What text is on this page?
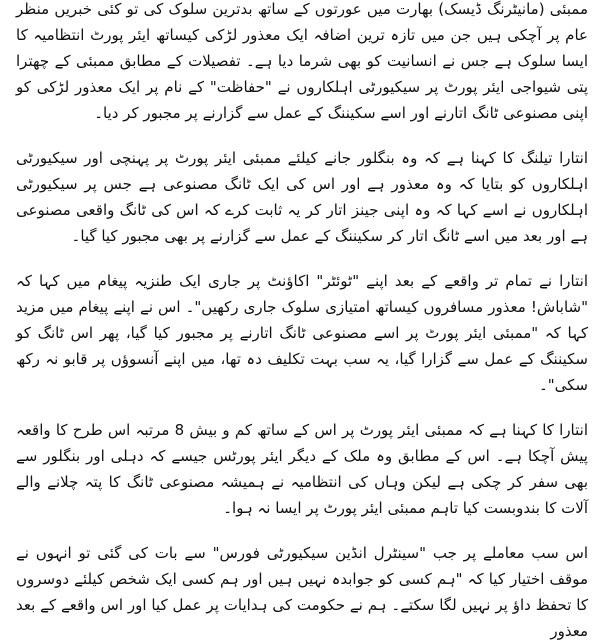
ممبئی (مانیٹرنگ ڈیسک) بھارت میں عورتوں کے ساتھ بدترین سلوک کی تو کئی خبریں منظر عام پر آچکی ہیں جن میں تازہ ترین اضافہ ایک معذور لڑکی کیساتھ ایئر پورٹ انتظامیہ کا ایسا سلوک ہے جس نے انسانیت کو بھی شرما دیا ہے۔ تفصیلات کے مطابق ممبئی کے چھترا پتی شیواجی ایئر پورٹ پر سیکیورٹی اہلکاروں نے "حفاظت" کے نام پر ایک معذور لڑکی کو اپنی مصنوعی ٹانگ اتارنے اور اسے سکیننگ کے عمل سے گزارنے پر مجبور کر دیا۔

انتارا تیلنگ کا کہنا ہے کہ وہ بنگلور جانے کیلئے ممبئی ایئر پورٹ پر پہنچی اور سیکیورٹی اہلکاروں کو بتایا کہ وہ معذور ہے اور اس کی ایک ٹانگ مصنوعی ہے جس پر سیکیورٹی اہلکاروں نے اسے کہا کہ وہ اپنی جینز اتار کر یہ ثابت کرے کہ اس کی ٹانگ واقعی مصنوعی ہے اور بعد میں اسے ٹانگ اتار کر سکیننگ کے عمل سے گزارنے پر بھی مجبور کیا گیا۔

انتارا نے تمام تر واقعے کے بعد اپنے "ٹوئٹر" اکاؤنٹ پر جاری ایک طنزیہ پیغام میں کہا کہ "شاباش! معذور مسافروں کیساتھ امتیازی سلوک جاری رکھیں"۔ اس نے اپنے پیغام میں مزید کہا کہ "ممبئی ایئر پورٹ پر اسے مصنوعی ٹانگ اتارنے پر مجبور کیا گیا، پھر اس ٹانگ کو سکیننگ کے عمل سے گزارا گیا، یہ سب بہت تکلیف دہ تھا، میں اپنے آنسوؤں پر قابو نہ رکھ سکی"۔

انتارا کا کہنا ہے کہ ممبئی ایئر پورٹ پر اس کے ساتھ کم و بیش 8 مرتبہ اس طرح کا واقعہ پیش آچکا ہے۔ اس کے مطابق وہ ملک کے دیگر ایئر پورٹس جیسے کہ دہلی اور بنگلور سے بھی سفر کر چکی ہے لیکن وہاں کی انتظامیہ نے ہمیشہ مصنوعی ٹانگ کا پتہ چلانے والے آلات کا بندوبست کیا تاہم ممبئی ایئر پورٹ پر ایسا نہ ہوا۔

اس سب معاملے پر جب "سینٹرل انڈین سیکیورٹی فورس" سے بات کی گئی تو انہوں نے موقف اختیار کیا کہ "ہم کسی کو جوابدہ نہیں ہیں اور ہم کسی ایک شخص کیلئے دوسروں کا تحفظ داؤ پر نہیں لگا سکتے۔ ہم نے حکومت کی ہدایات پر عمل کیا اور اس واقعے کے بعد معذور
